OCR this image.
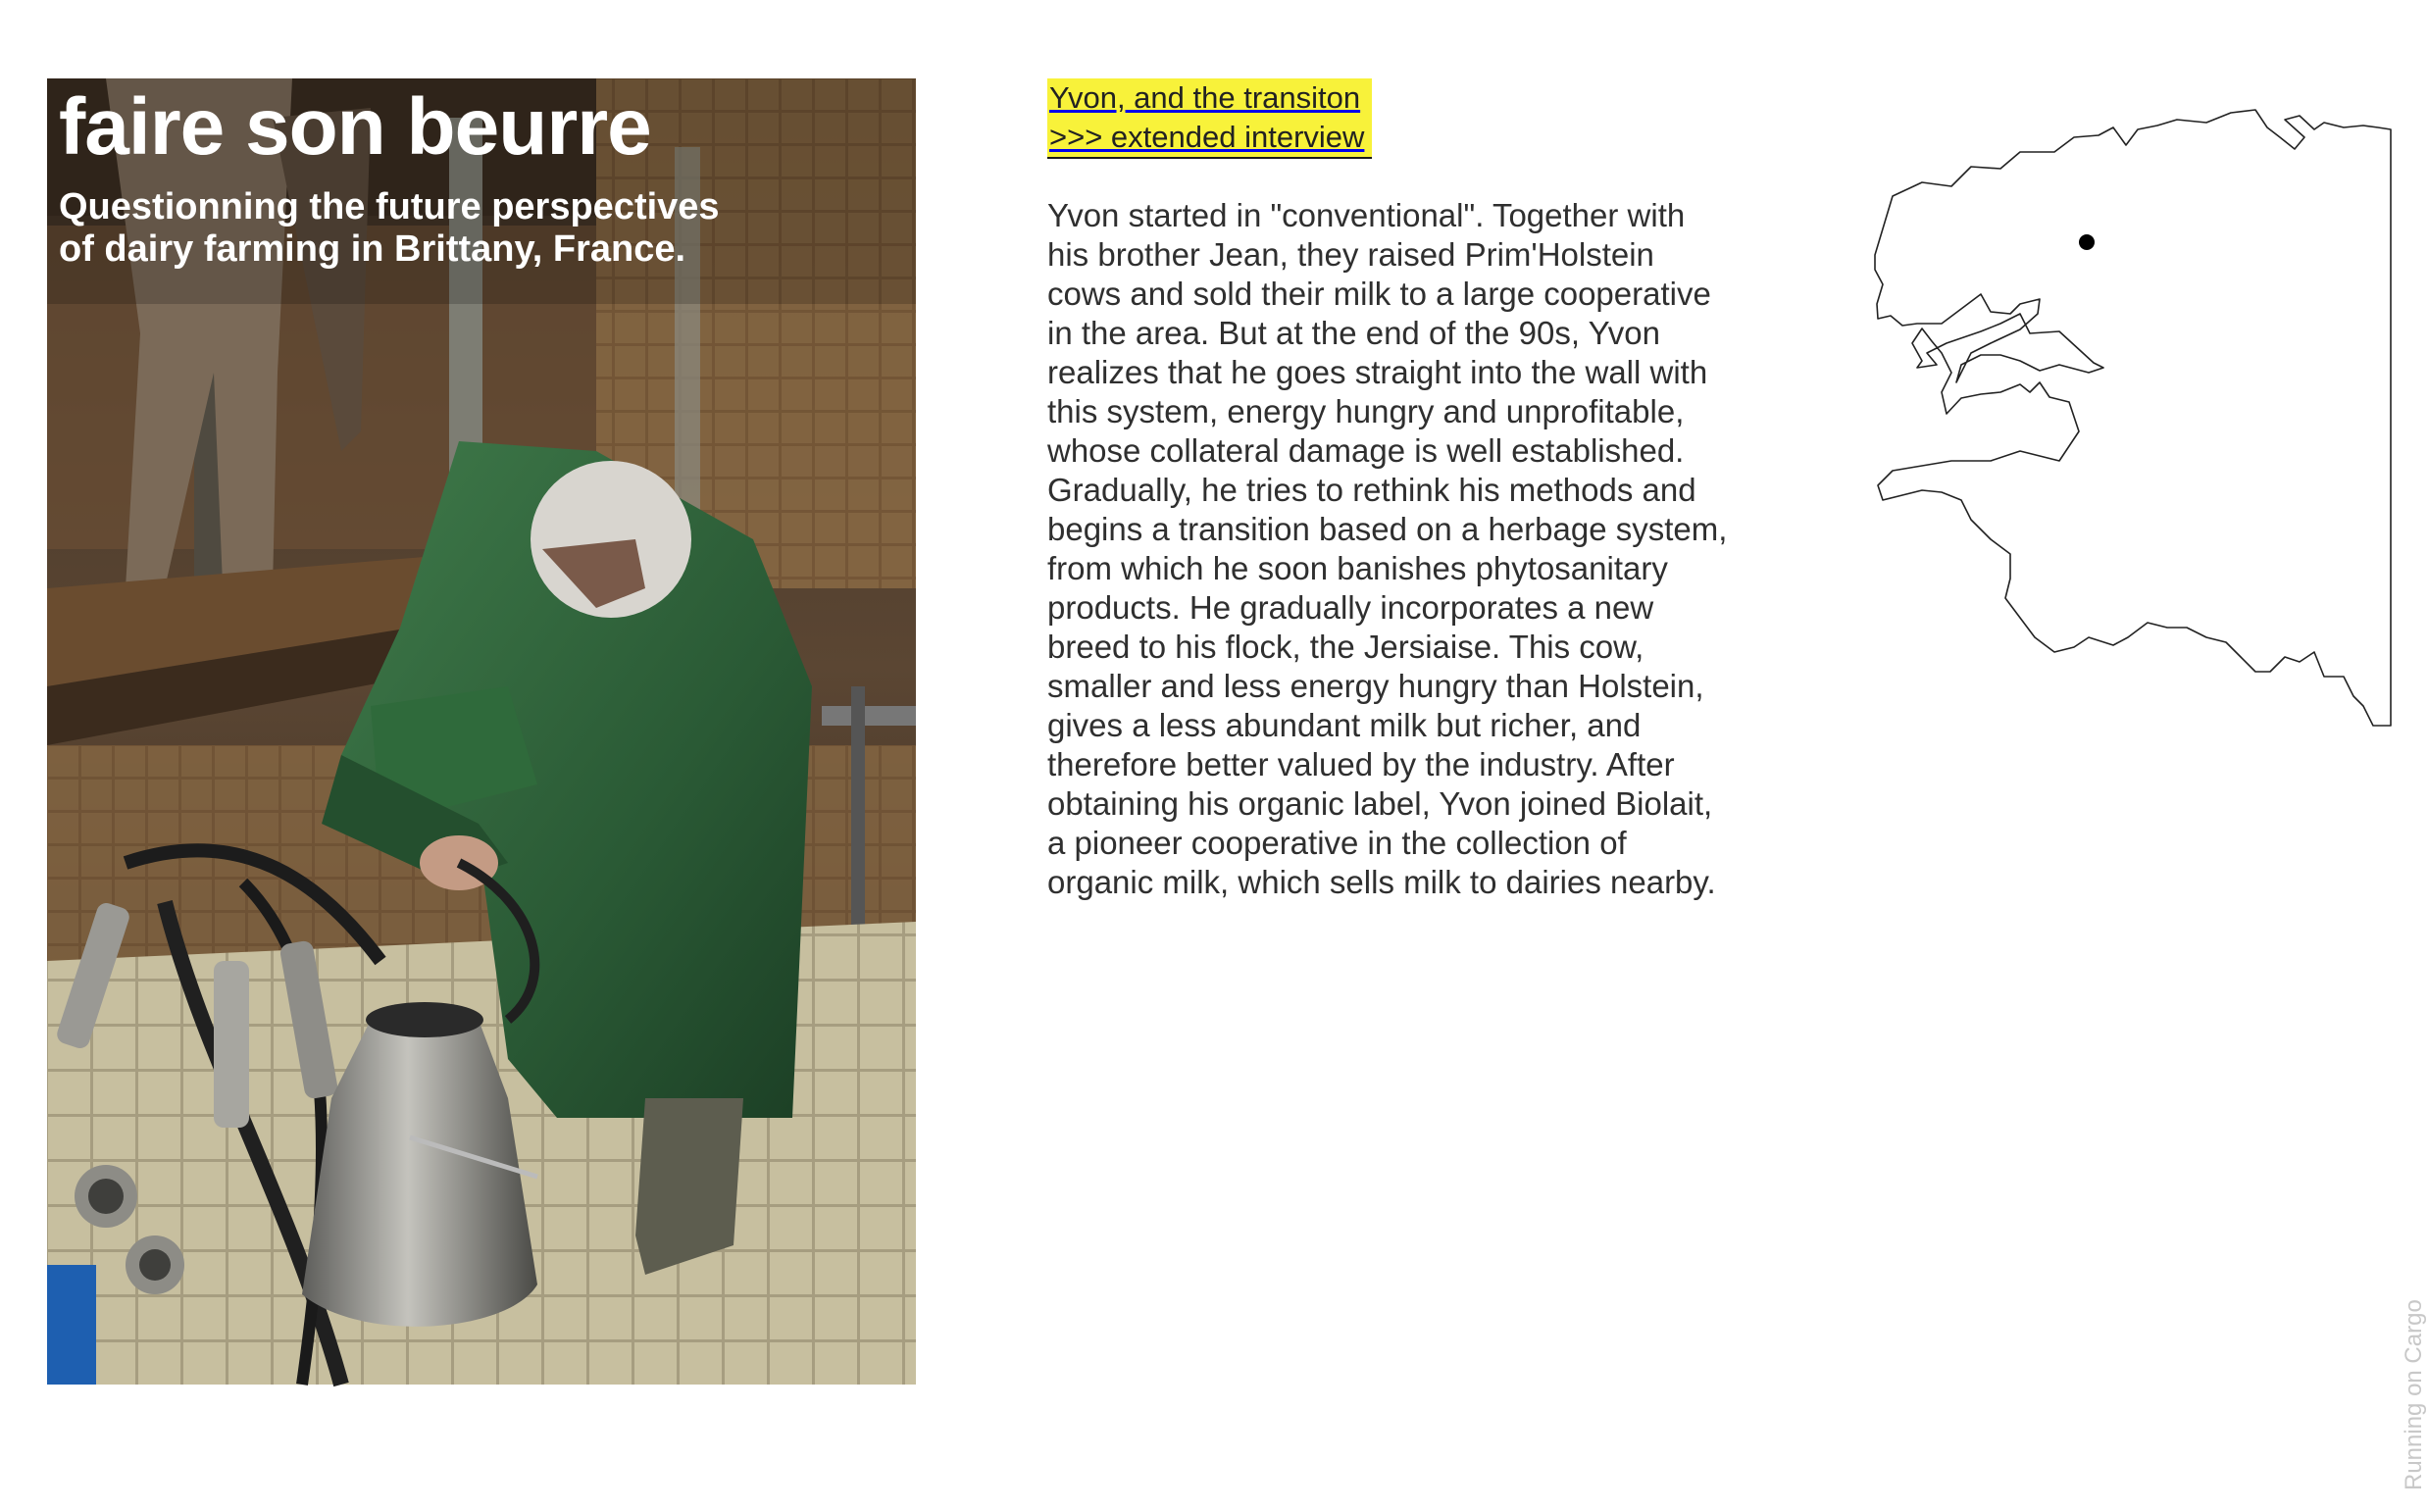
faire son beurre

Questionning the future perspectives
of dairy farming in Brittany, France.

Yvon, and the transiton
>>> extended interview

Yvon started in "conventional". Together with
his brother Jean, they raised Prim'Holstein
cows and sold their milk to a large cooperative
in the area. But at the end of the 90s, Yvon
realizes that he goes straight into the wall with
this system, energy hungry and unprofitable,
whose collateral damage is well established.
Gradually, he tries to rethink his methods and
begins a transition based on a herbage system,
from which he soon banishes phytosanitary
products. He gradually incorporates a new
breed to his flock, the Jersiaise. This cow,
smaller and less energy hungry than Holstein,
gives a less abundant milk but richer, and
therefore better valued by the industry. After
obtaining his organic label, Yvon joined Biolait,
a pioneer cooperative in the collection of
organic milk, which sells milk to dairies nearby.

Running on Cargo
